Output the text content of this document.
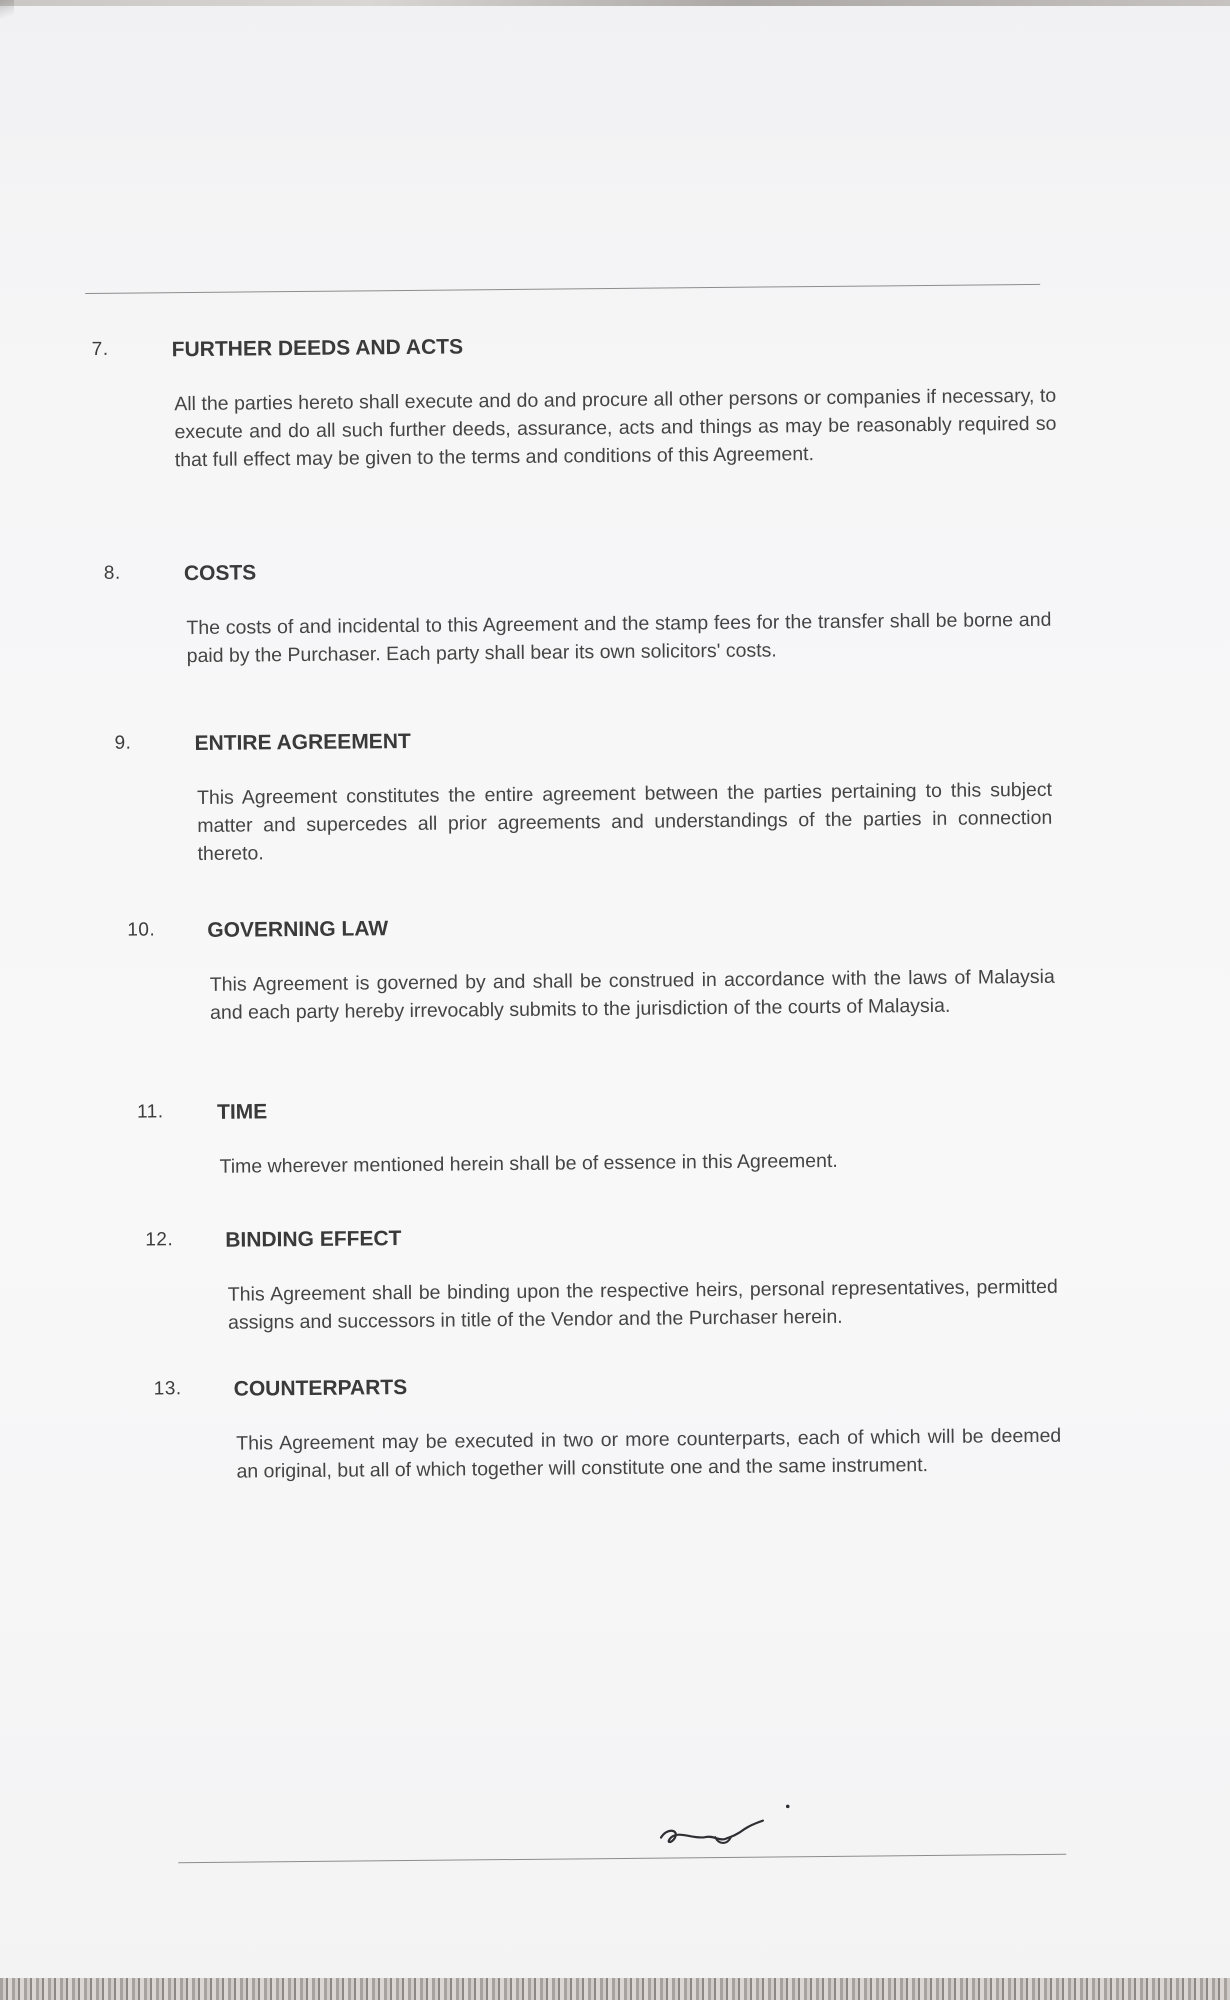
7.	FURTHER DEEDS AND ACTS
All the parties hereto shall execute and do and procure all other persons or companies if necessary, to execute and do all such further deeds, assurance, acts and things as may be reasonably required so that full effect may be given to the terms and conditions of this Agreement.
8.	COSTS
The costs of and incidental to this Agreement and the stamp fees for the transfer shall be borne and paid by the Purchaser. Each party shall bear its own solicitors' costs.
9.	ENTIRE AGREEMENT
This Agreement constitutes the entire agreement between the parties pertaining to this subject matter and supercedes all prior agreements and understandings of the parties in connection thereto.
10. GOVERNING LAW
This Agreement is governed by and shall be construed in accordance with the laws of Malaysia and each party hereby irrevocably submits to the jurisdiction of the courts of Malaysia.
11.	TIME
Time wherever mentioned herein shall be of essence in this Agreement.
12. BINDING EFFECT
This Agreement shall be binding upon the respective heirs, personal representatives, permitted assigns and successors in title of the Vendor and the Purchaser herein.
13. COUNTERPARTS
This Agreement may be executed in two or more counterparts, each of which will be deemed an original, but all of which together will constitute one and the same instrument.
